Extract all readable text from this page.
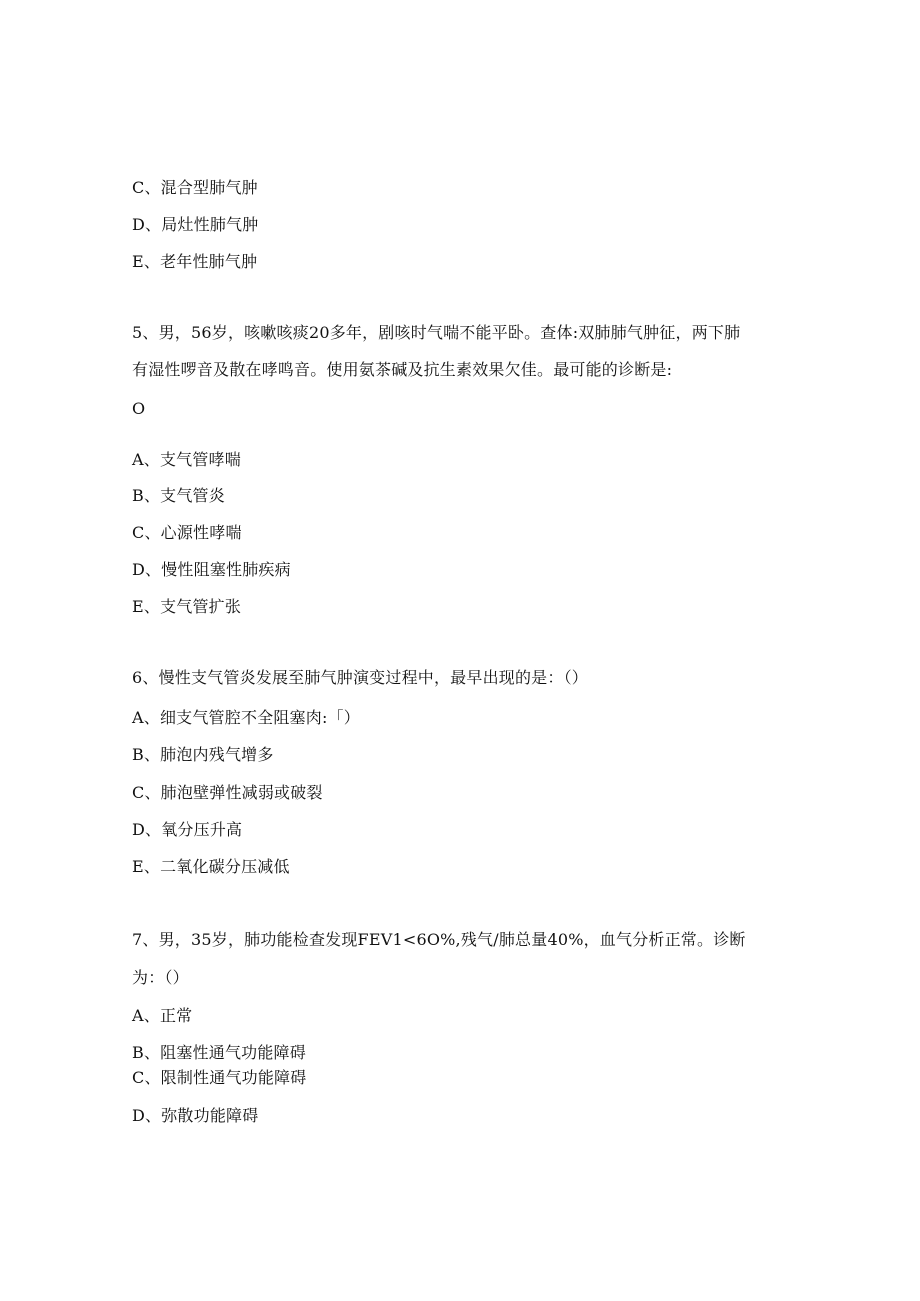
C、混合型肺气肿
D、局灶性肺气肿
E、老年性肺气肿
5、男，56岁，咳嗽咳痰20多年，剧咳时气喘不能平卧。查体:双肺肺气肿征，两下肺
有湿性啰音及散在哮鸣音。使用氨茶碱及抗生素效果欠佳。最可能的诊断是:
O
A、支气管哮喘
B、支气管炎
C、心源性哮喘
D、慢性阻塞性肺疾病
E、支气管扩张
6、慢性支气管炎发展至肺气肿演变过程中，最早出现的是：（）
A、细支气管腔不全阻塞肉:「）
B、肺泡内残气增多
C、肺泡壁弹性减弱或破裂
D、氧分压升高
E、二氧化碳分压减低
7、男，35岁，肺功能检查发现FEV1<6O%,残气/肺总量40%，血气分析正常。诊断
为：（）
A、正常
B、阻塞性通气功能障碍
C、限制性通气功能障碍
D、弥散功能障碍
